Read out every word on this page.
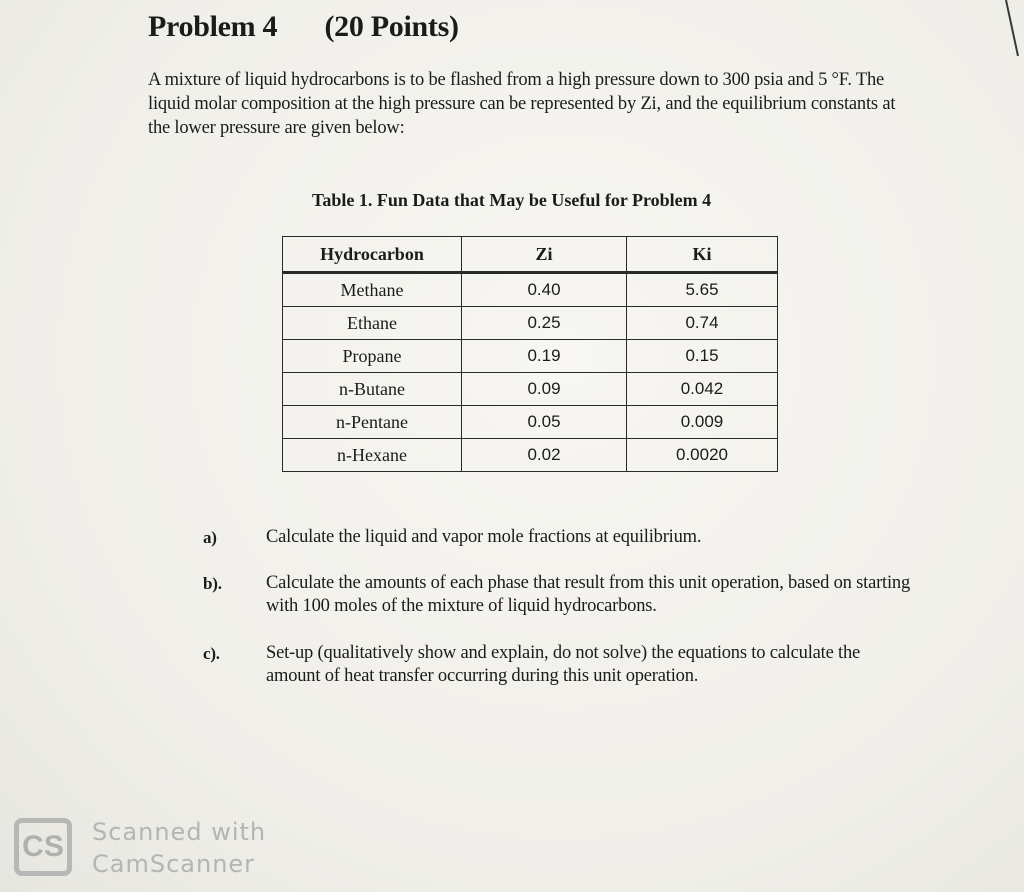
Problem 4 (20 Points)
A mixture of liquid hydrocarbons is to be flashed from a high pressure down to 300 psia and 5 °F. The liquid molar composition at the high pressure can be represented by Zi, and the equilibrium constants at the lower pressure are given below:
Table 1. Fun Data that May be Useful for Problem 4
Hydrocarbon	Zi	Ki
Methane	0.40	5.65
Ethane	0.25	0.74
Propane	0.19	0.15
n-Butane	0.09	0.042
n-Pentane	0.05	0.009
n-Hexane	0.02	0.0020
a)	Calculate the liquid and vapor mole fractions at equilibrium.
b). Calculate the amounts of each phase that result from this unit operation, based on starting with 100 moles of the mixture of liquid hydrocarbons.
c). Set-up (qualitatively show and explain, do not solve) the equations to calculate the amount of heat transfer occurring during this unit operation.
CS	Scanned with
CamScanner
